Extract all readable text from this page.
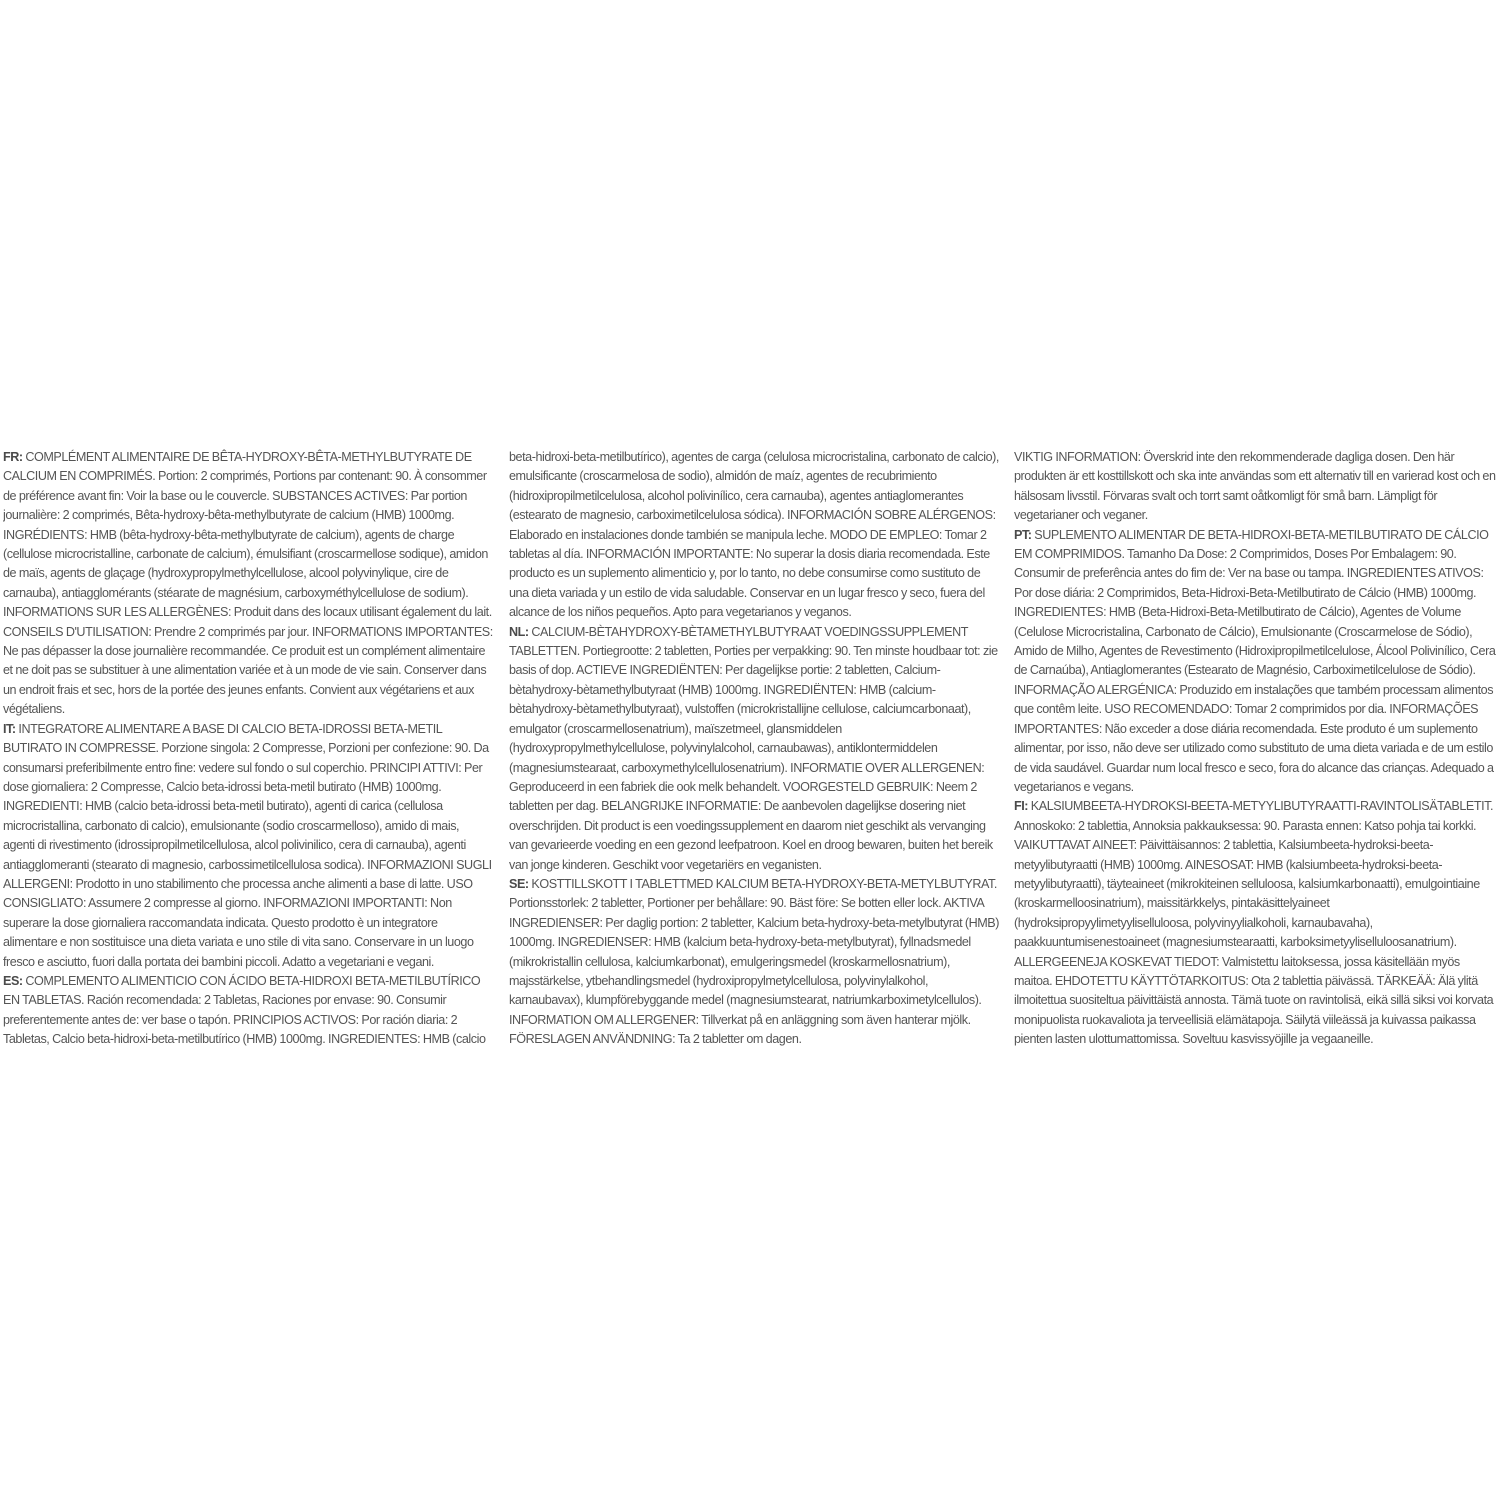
FR: COMPLÉMENT ALIMENTAIRE DE BÊTA-HYDROXY-BÊTA-METHYLBUTYRATE DE CALCIUM EN COMPRIMÉS. Portion: 2 comprimés, Portions par contenant: 90. À consommer de préférence avant fin: Voir la base ou le couvercle. SUBSTANCES ACTIVES: Par portion journalière: 2 comprimés, Bêta-hydroxy-bêta-methylbutyrate de calcium (HMB) 1000mg. INGRÉDIENTS: HMB (bêta-hydroxy-bêta-methylbutyrate de calcium), agents de charge (cellulose microcristalline, carbonate de calcium), émulsifiant (croscarmellose sodique), amidon de maïs, agents de glaçage (hydroxypropylmethylcellulose, alcool polyvinylique, cire de carnauba), antiagglomérants (stéarate de magnésium, carboxyméthylcellulose de sodium). INFORMATIONS SUR LES ALLERGÈNES: Produit dans des locaux utilisant également du lait. CONSEILS D'UTILISATION: Prendre 2 comprimés par jour. INFORMATIONS IMPORTANTES: Ne pas dépasser la dose journalière recommandée. Ce produit est un complément alimentaire et ne doit pas se substituer à une alimentation variée et à un mode de vie sain. Conserver dans un endroit frais et sec, hors de la portée des jeunes enfants. Convient aux végétariens et aux végétaliens.

IT: INTEGRATORE ALIMENTARE A BASE DI CALCIO BETA-IDROSSI BETA-METIL BUTIRATO IN COMPRESSE. Porzione singola: 2 Compresse, Porzioni per confezione: 90. Da consumarsi preferibilmente entro fine: vedere sul fondo o sul coperchio. PRINCIPI ATTIVI: Per dose giornaliera: 2 Compresse, Calcio beta-idrossi beta-metil butirato (HMB) 1000mg. INGREDIENTI: HMB (calcio beta-idrossi beta-metil butirato), agenti di carica (cellulosa microcristallina, carbonato di calcio), emulsionante (sodio croscarmelloso), amido di mais, agenti di rivestimento (idrossipropilmetilcellulosa, alcol polivinilico, cera di carnauba), agenti antiagglomeranti (stearato di magnesio, carbossimetilcellulosa sodica). INFORMAZIONI SUGLI ALLERGENI: Prodotto in uno stabilimento che processa anche alimenti a base di latte. USO CONSIGLIATO: Assumere 2 compresse al giorno. INFORMAZIONI IMPORTANTI: Non superare la dose giornaliera raccomandata indicata. Questo prodotto è un integratore alimentare e non sostituisce una dieta variata e uno stile di vita sano. Conservare in un luogo fresco e asciutto, fuori dalla portata dei bambini piccoli. Adatto a vegetariani e vegani.

ES: COMPLEMENTO ALIMENTICIO CON ÁCIDO BETA-HIDROXI BETA-METILBUTÍRICO EN TABLETAS. Ración recomendada: 2 Tabletas, Raciones por envase: 90. Consumir preferentemente antes de: ver base o tapón. PRINCIPIOS ACTIVOS: Por ración diaria: 2 Tabletas, Calcio beta-hidroxi-beta-metilbutírico (HMB) 1000mg. INGREDIENTES: HMB (calcio

beta-hidroxi-beta-metilbutírico), agentes de carga (celulosa microcristalina, carbonato de calcio), emulsificante (croscarmelosa de sodio), almidón de maíz, agentes de recubrimiento (hidroxipropilmetilcelulosa, alcohol polivinílico, cera carnauba), agentes antiaglomerantes (estearato de magnesio, carboximetilcelulosa sódica). INFORMACIÓN SOBRE ALÉRGENOS: Elaborado en instalaciones donde también se manipula leche. MODO DE EMPLEO: Tomar 2 tabletas al día. INFORMACIÓN IMPORTANTE: No superar la dosis diaria recomendada. Este producto es un suplemento alimenticio y, por lo tanto, no debe consumirse como sustituto de una dieta variada y un estilo de vida saludable. Conservar en un lugar fresco y seco, fuera del alcance de los niños pequeños. Apto para vegetarianos y veganos.

NL: CALCIUM-BÈTAHYDROXY-BÈTAMETHYLBUTYRAAT VOEDINGSSUPPLEMENT TABLETTEN. Portiegrootte: 2 tabletten, Porties per verpakking: 90. Ten minste houdbaar tot: zie basis of dop. ACTIEVE INGREDIËNTEN: Per dagelijkse portie: 2 tabletten, Calcium-bètahydroxy-bètamethylbutyraat (HMB) 1000mg. INGREDIËNTEN: HMB (calcium-bètahydroxy-bètamethylbutyraat), vulstoffen (microkristallijne cellulose, calciumcarbonaat), emulgator (croscarmellosenatrium), maïszetmeel, glansmiddelen (hydroxypropylmethylcellulose, polyvinylalcohol, carnaubawas), antiklontermiddelen (magnesiumstearaat, carboxymethylcellulosenatrium). INFORMATIE OVER ALLERGENEN: Geproduceerd in een fabriek die ook melk behandelt. VOORGESTELD GEBRUIK: Neem 2 tabletten per dag. BELANGRIJKE INFORMATIE: De aanbevolen dagelijkse dosering niet overschrijden. Dit product is een voedingssupplement en daarom niet geschikt als vervanging van gevarieerde voeding en een gezond leefpatroon. Koel en droog bewaren, buiten het bereik van jonge kinderen. Geschikt voor vegetariërs en veganisten.

SE: KOSTTILLSKOTT I TABLETTMED KALCIUM BETA-HYDROXY-BETA-METYLBUTYRAT. Portionsstorlek: 2 tabletter, Portioner per behållare: 90. Bäst före: Se botten eller lock. AKTIVA INGREDIENSER: Per daglig portion: 2 tabletter, Kalcium beta-hydroxy-beta-metylbutyrat (HMB) 1000mg. INGREDIENSER: HMB (kalcium beta-hydroxy-beta-metylbutyrat), fyllnadsmedel (mikrokristallin cellulosa, kalciumkarbonat), emulgeringsmedel (kroskarmellosnatrium), majsstärkelse, ytbehandlingsmedel (hydroxipropylmetylcellulosa, polyvinylalkohol, karnaubavax), klumpförebyggande medel (magnesiumstearat, natriumkarboximetylcellulos). INFORMATION OM ALLERGENER: Tillverkat på en anläggning som även hanterar mjölk. FÖRESLAGEN ANVÄNDNING: Ta 2 tabletter om dagen.

VIKTIG INFORMATION: Överskrid inte den rekommenderade dagliga dosen. Den här produkten är ett kosttillskott och ska inte användas som ett alternativ till en varierad kost och en hälsosam livsstil. Förvaras svalt och torrt samt oåtkomligt för små barn. Lämpligt för vegetarianer och veganer.

PT: SUPLEMENTO ALIMENTAR DE BETA-HIDROXI-BETA-METILBUTIRATO DE CÁLCIO EM COMPRIMIDOS. Tamanho Da Dose: 2 Comprimidos, Doses Por Embalagem: 90. Consumir de preferência antes do fim de: Ver na base ou tampa. INGREDIENTES ATIVOS: Por dose diária: 2 Comprimidos, Beta-Hidroxi-Beta-Metilbutirato de Cálcio (HMB) 1000mg. INGREDIENTES: HMB (Beta-Hidroxi-Beta-Metilbutirato de Cálcio), Agentes de Volume (Celulose Microcristalina, Carbonato de Cálcio), Emulsionante (Croscarmelose de Sódio), Amido de Milho, Agentes de Revestimento (Hidroxipropilmetilcelulose, Álcool Polivinílico, Cera de Carnaúba), Antiaglomerantes (Estearato de Magnésio, Carboximetilcelulose de Sódio). INFORMAÇÃO ALERGÉNICA: Produzido em instalações que também processam alimentos que contêm leite. USO RECOMENDADO: Tomar 2 comprimidos por dia. INFORMAÇÕES IMPORTANTES: Não exceder a dose diária recomendada. Este produto é um suplemento alimentar, por isso, não deve ser utilizado como substituto de uma dieta variada e de um estilo de vida saudável. Guardar num local fresco e seco, fora do alcance das crianças. Adequado a vegetarianos e vegans.

FI: KALSIUMBEETA-HYDROKSI-BEETA-METYYLIBUTYRAATTI-RAVINTOLISÄTABLETIT. Annoskoko: 2 tablettia, Annoksia pakkauksessa: 90. Parasta ennen: Katso pohja tai korkki. VAIKUTTAVAT AINEET: Päivittäisannos: 2 tablettia, Kalsiumbeeta-hydroksi-beeta-metyylibutyraatti (HMB) 1000mg. AINESOSAT: HMB (kalsiumbeeta-hydroksi-beeta-metyylibutyraatti), täyteaineet (mikrokiteinen selluloosa, kalsiumkarbonaatti), emulgointiaine (kroskarmelloosinatrium), maissitärkkelys, pintakäsittelyaineet (hydroksipropyylimetyyliselluloosa, polyvinyylialkoholi, karnaubavaha), paakkuuntumisenestoaineet (magnesiumstearaatti, karboksimetyyliselluloosanatrium). ALLERGEENEJA KOSKEVAT TIEDOT: Valmistettu laitoksessa, jossa käsitellään myös maitoa. EHDOTETTU KÄYTTÖTARKOITUS: Ota 2 tablettia päivässä. TÄRKEÄÄ: Älä ylitä ilmoitettua suositeltua päivittäistä annosta. Tämä tuote on ravintolisä, eikä sillä siksi voi korvata monipuolista ruokavaliota ja terveellisiä elämätapoja. Säilytä viileässä ja kuivassa paikassa pienten lasten ulottumattomissa. Soveltuu kasvissyöjille ja vegaaneille.
